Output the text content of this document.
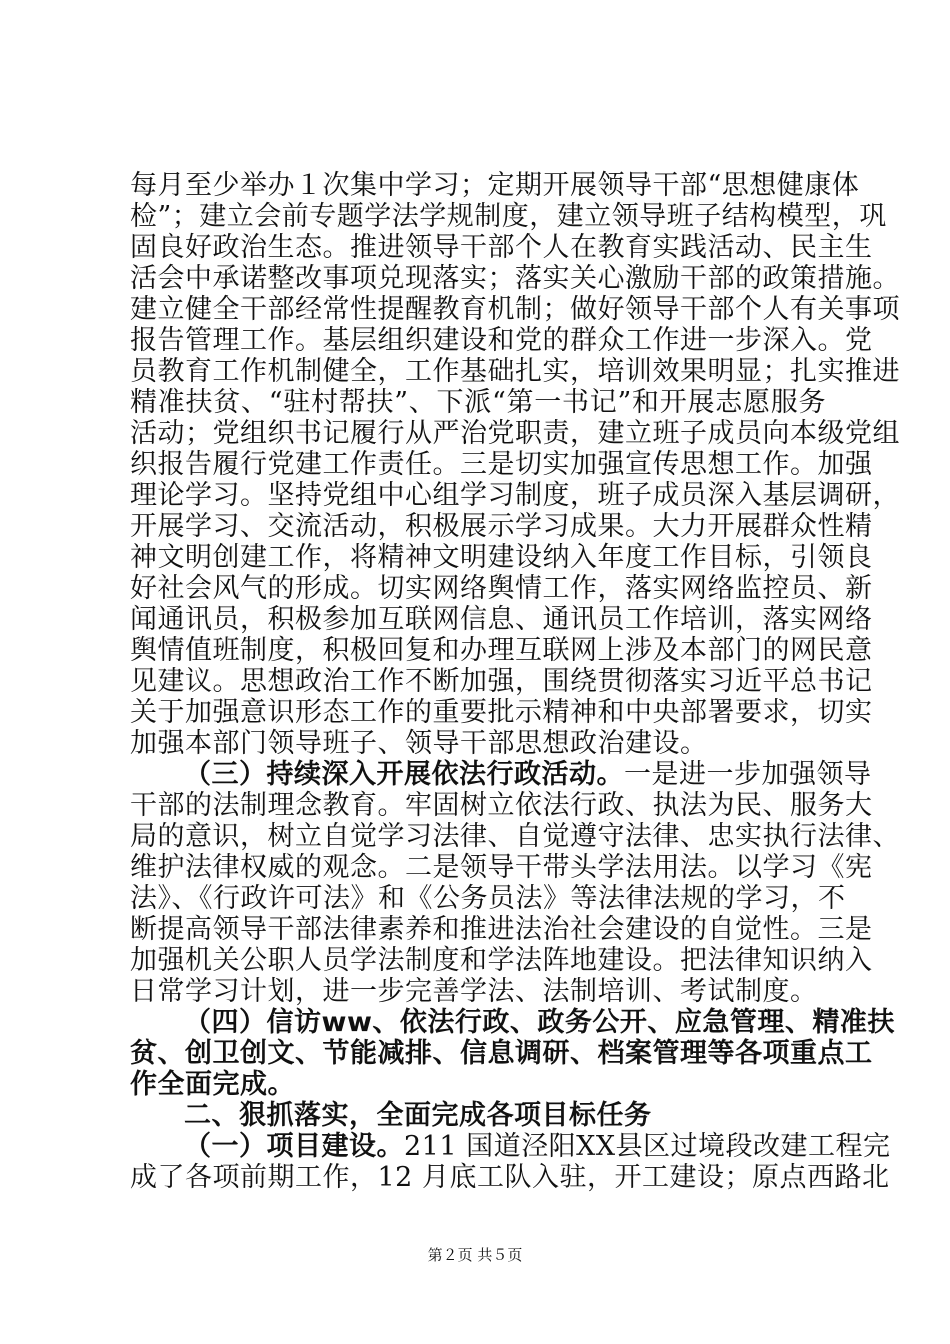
每月至少举办１次集中学习；定期开展领导干部“思想健康体
检”；建立会前专题学法学规制度，建立领导班子结构模型，巩
固良好政治生态。推进领导干部个人在教育实践活动、民主生
活会中承诺整改事项兑现落实；落实关心激励干部的政策措施。
建立健全干部经常性提醒教育机制；做好领导干部个人有关事项
报告管理工作。基层组织建设和党的群众工作进一步深入。党
员教育工作机制健全，工作基础扎实，培训效果明显；扎实推进
精准扶贫、“驻村帮扶”、下派“第一书记”和开展志愿服务
活动；党组织书记履行从严治党职责，建立班子成员向本级党组
织报告履行党建工作责任。三是切实加强宣传思想工作。加强
理论学习。坚持党组中心组学习制度，班子成员深入基层调研，
开展学习、交流活动，积极展示学习成果。大力开展群众性精
神文明创建工作，将精神文明建设纳入年度工作目标，引领良
好社会风气的形成。切实网络舆情工作，落实网络监控员、新
闻通讯员，积极参加互联网信息、通讯员工作培训，落实网络
舆情值班制度，积极回复和办理互联网上涉及本部门的网民意
见建议。思想政治工作不断加强，围绕贯彻落实习近平总书记
关于加强意识形态工作的重要批示精神和中央部署要求，切实
加强本部门领导班子、领导干部思想政治建设。
（三）持续深入开展依法行政活动。一是进一步加强领导
干部的法制理念教育。牢固树立依法行政、执法为民、服务大
局的意识，树立自觉学习法律、自觉遵守法律、忠实执行法律、
维护法律权威的观念。二是领导干带头学法用法。以学习《宪
法》、《行政许可法》和《公务员法》等法律法规的学习，不
断提高领导干部法律素养和推进法治社会建设的自觉性。三是
加强机关公职人员学法制度和学法阵地建设。把法律知识纳入
日常学习计划，进一步完善学法、法制培训、考试制度。
（四）信访ww、依法行政、政务公开、应急管理、精准扶
贫、创卫创文、节能减排、信息调研、档案管理等各项重点工
作全面完成。
二、狠抓落实，全面完成各项目标任务
（一）项目建设。211 国道泾阳XX县区过境段改建工程完
成了各项前期工作，12 月底工队入驻，开工建设；原点西路北
第２页 共５页
